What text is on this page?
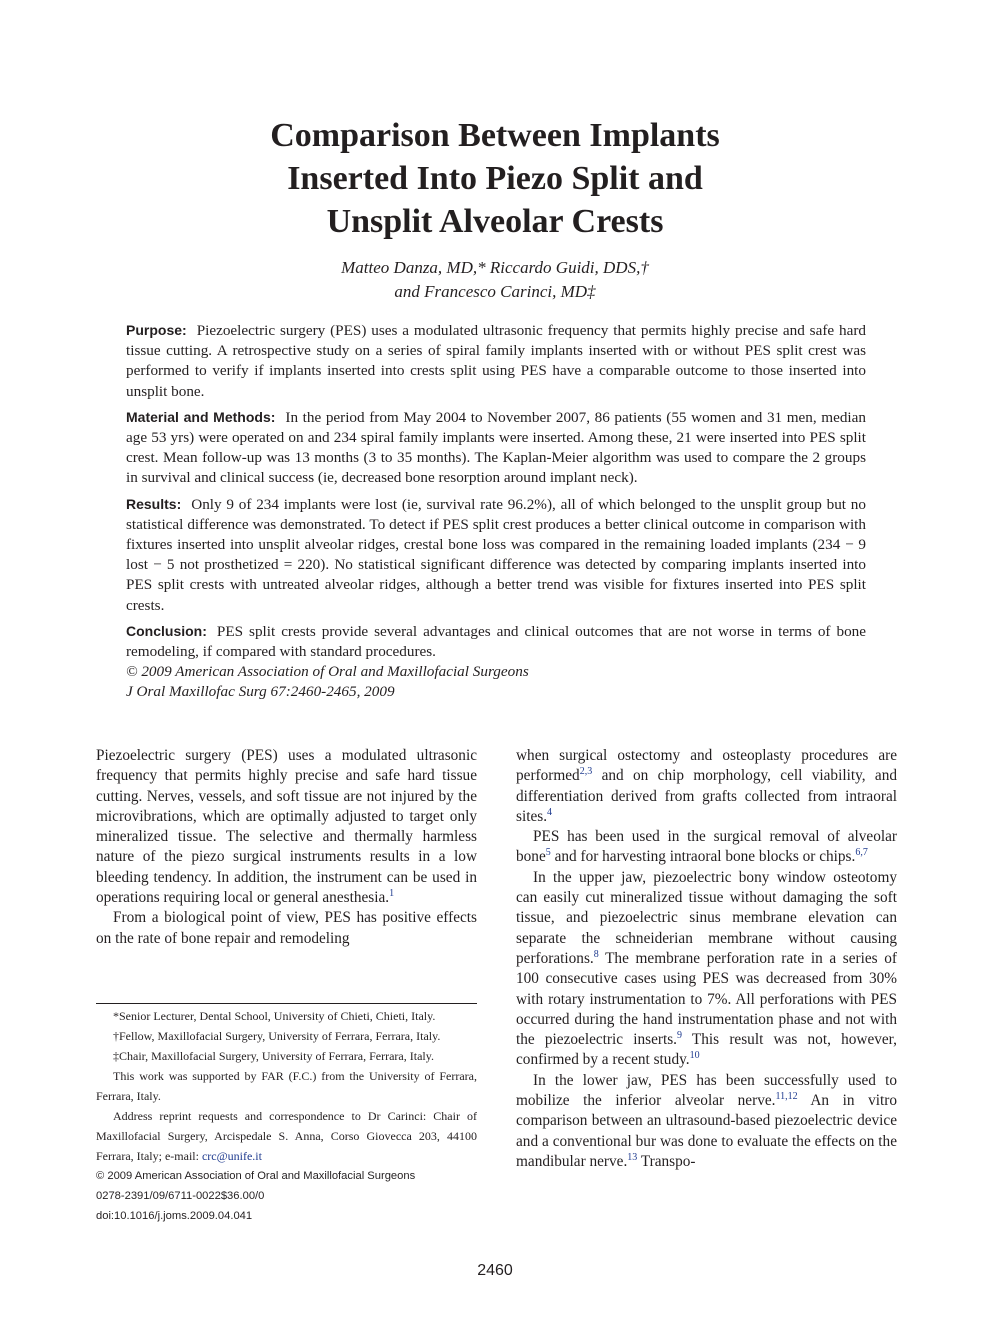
Comparison Between Implants
Inserted Into Piezo Split and
Unsplit Alveolar Crests
Matteo Danza, MD,* Riccardo Guidi, DDS,†
and Francesco Carinci, MD‡

Purpose: Piezoelectric surgery (PES) uses a modulated ultrasonic frequency that permits highly precise and safe hard tissue cutting. A retrospective study on a series of spiral family implants inserted with or without PES split crest was performed to verify if implants inserted into crests split using PES have a comparable outcome to those inserted into unsplit bone.

Material and Methods: In the period from May 2004 to November 2007, 86 patients (55 women and 31 men, median age 53 yrs) were operated on and 234 spiral family implants were inserted. Among these, 21 were inserted into PES split crest. Mean follow-up was 13 months (3 to 35 months). The Kaplan-Meier algorithm was used to compare the 2 groups in survival and clinical success (ie, decreased bone resorption around implant neck).

Results: Only 9 of 234 implants were lost (ie, survival rate 96.2%), all of which belonged to the unsplit group but no statistical difference was demonstrated. To detect if PES split crest produces a better clinical outcome in comparison with fixtures inserted into unsplit alveolar ridges, crestal bone loss was compared in the remaining loaded implants (234 − 9 lost − 5 not prosthetized = 220). No statistical significant difference was detected by comparing implants inserted into PES split crests with untreated alveolar ridges, although a better trend was visible for fixtures inserted into PES split crests.

Conclusion: PES split crests provide several advantages and clinical outcomes that are not worse in terms of bone remodeling, if compared with standard procedures.

© 2009 American Association of Oral and Maxillofacial Surgeons
J Oral Maxillofac Surg 67:2460-2465, 2009

Piezoelectric surgery (PES) uses a modulated ultrasonic frequency that permits highly precise and safe hard tissue cutting. Nerves, vessels, and soft tissue are not injured by the microvibrations, which are optimally adjusted to target only mineralized tissue. The selective and thermally harmless nature of the piezo surgical instruments results in a low bleeding tendency. In addition, the instrument can be used in operations requiring local or general anesthesia.$^1$

From a biological point of view, PES has positive effects on the rate of bone repair and remodeling

*Senior Lecturer, Dental School, University of Chieti, Chieti, Italy.

†Fellow, Maxillofacial Surgery, University of Ferrara, Ferrara, Italy.

‡Chair, Maxillofacial Surgery, University of Ferrara, Ferrara, Italy.

This work was supported by FAR (F.C.) from the University of Ferrara, Ferrara, Italy.

Address reprint requests and correspondence to Dr Carinci: Chair of Maxillofacial Surgery, Arcispedale S. Anna, Corso Giovecca 203, 44100 Ferrara, Italy; e-mail: crc@unife.it

© 2009 American Association of Oral and Maxillofacial Surgeons

0278-2391/09/6711-0022$36.00/0

doi:10.1016/j.joms.2009.04.041

when surgical ostectomy and osteoplasty procedures are performed$^{2,3}$ and on chip morphology, cell viability, and differentiation derived from grafts collected from intraoral sites.$^4$

PES has been used in the surgical removal of alveolar bone$^5$ and for harvesting intraoral bone blocks or chips.$^{6,7}$

In the upper jaw, piezoelectric bony window osteotomy can easily cut mineralized tissue without damaging the soft tissue, and piezoelectric sinus membrane elevation can separate the schneiderian membrane without causing perforations.$^8$ The membrane perforation rate in a series of 100 consecutive cases using PES was decreased from 30% with rotary instrumentation to 7%. All perforations with PES occurred during the hand instrumentation phase and not with the piezoelectric inserts.$^9$ This result was not, however, confirmed by a recent study.$^{10}$

In the lower jaw, PES has been successfully used to mobilize the inferior alveolar nerve.$^{11,12}$ An in vitro comparison between an ultrasound-based piezoelectric device and a conventional bur was done to evaluate the effects on the mandibular nerve.$^{13}$ Transpo-

2460
